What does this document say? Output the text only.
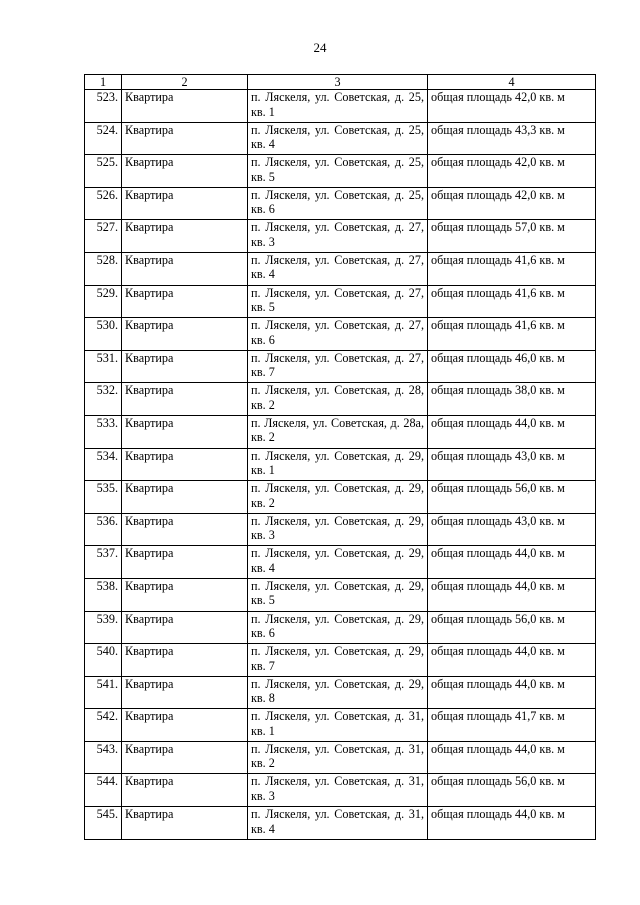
24
1	2	3	4
523.	Квартира	п. Ляскеля, ул. Советская, д. 25, кв. 1	общая площадь 42,0 кв. м
524.	Квартира	п. Ляскеля, ул. Советская, д. 25, кв. 4	общая площадь 43,3 кв. м
525.	Квартира	п. Ляскеля, ул. Советская, д. 25, кв. 5	общая площадь 42,0 кв. м
526.	Квартира	п. Ляскеля, ул. Советская, д. 25, кв. 6	общая площадь 42,0 кв. м
527.	Квартира	п. Ляскеля, ул. Советская, д. 27, кв. 3	общая площадь 57,0 кв. м
528.	Квартира	п. Ляскеля, ул. Советская, д. 27, кв. 4	общая площадь 41,6 кв. м
529.	Квартира	п. Ляскеля, ул. Советская, д. 27, кв. 5	общая площадь 41,6 кв. м
530.	Квартира	п. Ляскеля, ул. Советская, д. 27, кв. 6	общая площадь 41,6 кв. м
531.	Квартира	п. Ляскеля, ул. Советская, д. 27, кв. 7	общая площадь 46,0 кв. м
532.	Квартира	п. Ляскеля, ул. Советская, д. 28, кв. 2	общая площадь 38,0 кв. м
533.	Квартира	п. Ляскеля, ул. Советская, д. 28а, кв. 2	общая площадь 44,0 кв. м
534.	Квартира	п. Ляскеля, ул. Советская, д. 29, кв. 1	общая площадь 43,0 кв. м
535.	Квартира	п. Ляскеля, ул. Советская, д. 29, кв. 2	общая площадь 56,0 кв. м
536.	Квартира	п. Ляскеля, ул. Советская, д. 29, кв. 3	общая площадь 43,0 кв. м
537.	Квартира	п. Ляскеля, ул. Советская, д. 29, кв. 4	общая площадь 44,0 кв. м
538.	Квартира	п. Ляскеля, ул. Советская, д. 29, кв. 5	общая площадь 44,0 кв. м
539.	Квартира	п. Ляскеля, ул. Советская, д. 29, кв. 6	общая площадь 56,0 кв. м
540.	Квартира	п. Ляскеля, ул. Советская, д. 29, кв. 7	общая площадь 44,0 кв. м
541.	Квартира	п. Ляскеля, ул. Советская, д. 29, кв. 8	общая площадь 44,0 кв. м
542.	Квартира	п. Ляскеля, ул. Советская, д. 31, кв. 1	общая площадь 41,7 кв. м
543.	Квартира	п. Ляскеля, ул. Советская, д. 31, кв. 2	общая площадь 44,0 кв. м
544.	Квартира	п. Ляскеля, ул. Советская, д. 31, кв. 3	общая площадь 56,0 кв. м
545.	Квартира	п. Ляскеля, ул. Советская, д. 31, кв. 4	общая площадь 44,0 кв. м
